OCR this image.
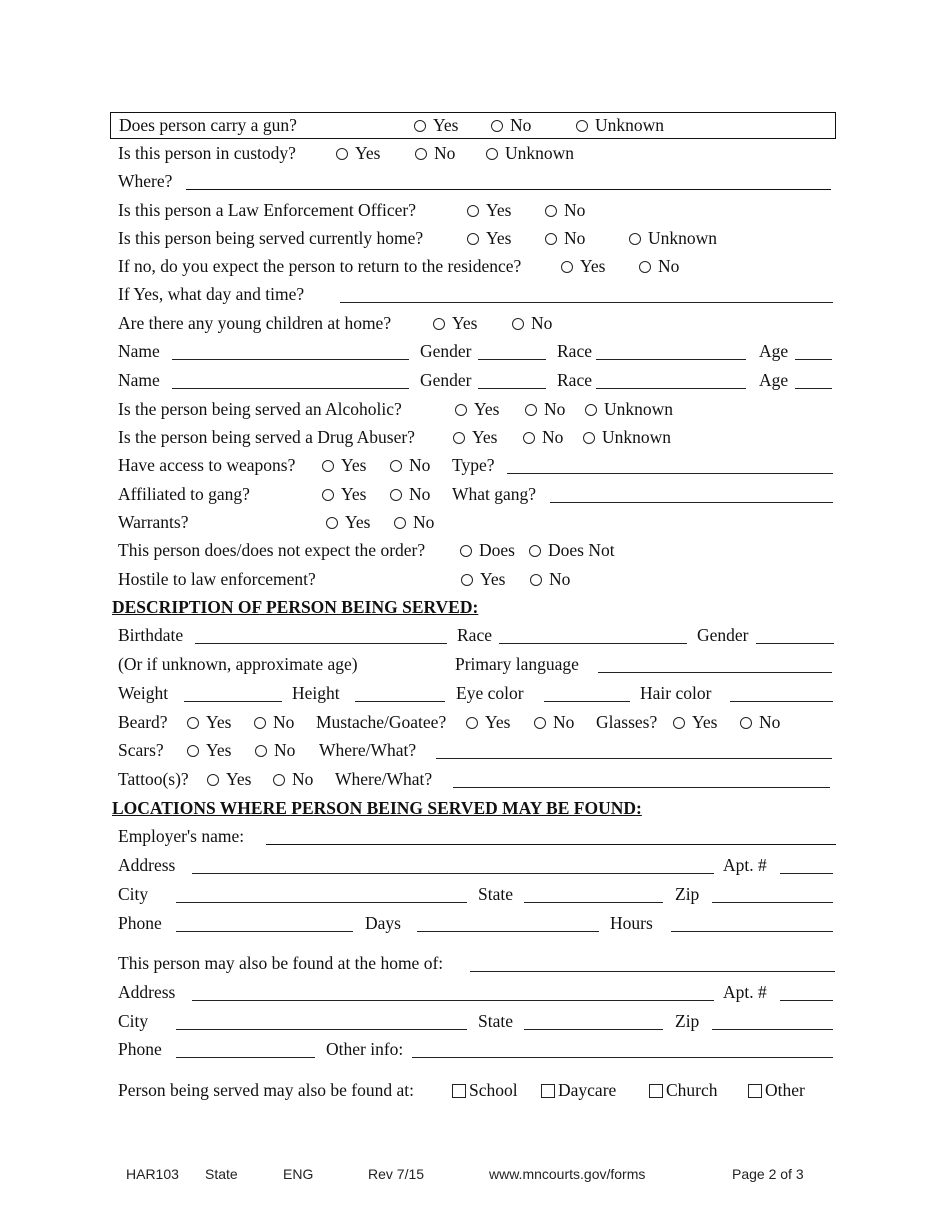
Does person carry a gun?	Yes	No	Unknown
Is this person in custody?	Yes	No	Unknown
Where?
Is this person a Law Enforcement Officer?	Yes	No
Is this person being served currently home?	Yes	No	Unknown
If no, do you expect the person to return to the residence?	Yes	No
If Yes, what day and time?
Are there any young children at home?	Yes	No
Name	Gender	Race	Age
Name	Gender	Race	Age
Is the person being served an Alcoholic?	Yes	No Unknown
Is the person being served a Drug Abuser?	Yes	No Unknown
Have access to weapons?	Yes No Type?
Affiliated to gang?	Yes No What gang?
Warrants?	Yes No
This person does/does not expect the order?	Does Does Not
Hostile to law enforcement?	Yes No
DESCRIPTION OF PERSON BEING SERVED:
Birthdate	Race	Gender
(Or if unknown, approximate age)	Primary language
Weight	Height	Eye color	Hair color
Beard? Yes No Mustache/Goatee? Yes No Glasses? Yes No
Scars? Yes No Where/What?
Tattoo(s)? Yes No Where/What?
LOCATIONS WHERE PERSON BEING SERVED MAY BE FOUND:
Employer's name:
Address	Apt. #
City	State	Zip
Phone	Days	Hours
This person may also be found at the home of:
Address	Apt. #
City	State	Zip
Phone	Other info:
Person being served may also be found at:	School Daycare	Church	Other
HAR103 State	ENG	Rev 7/15	www.mncourts.gov/forms	Page 2 of 3
